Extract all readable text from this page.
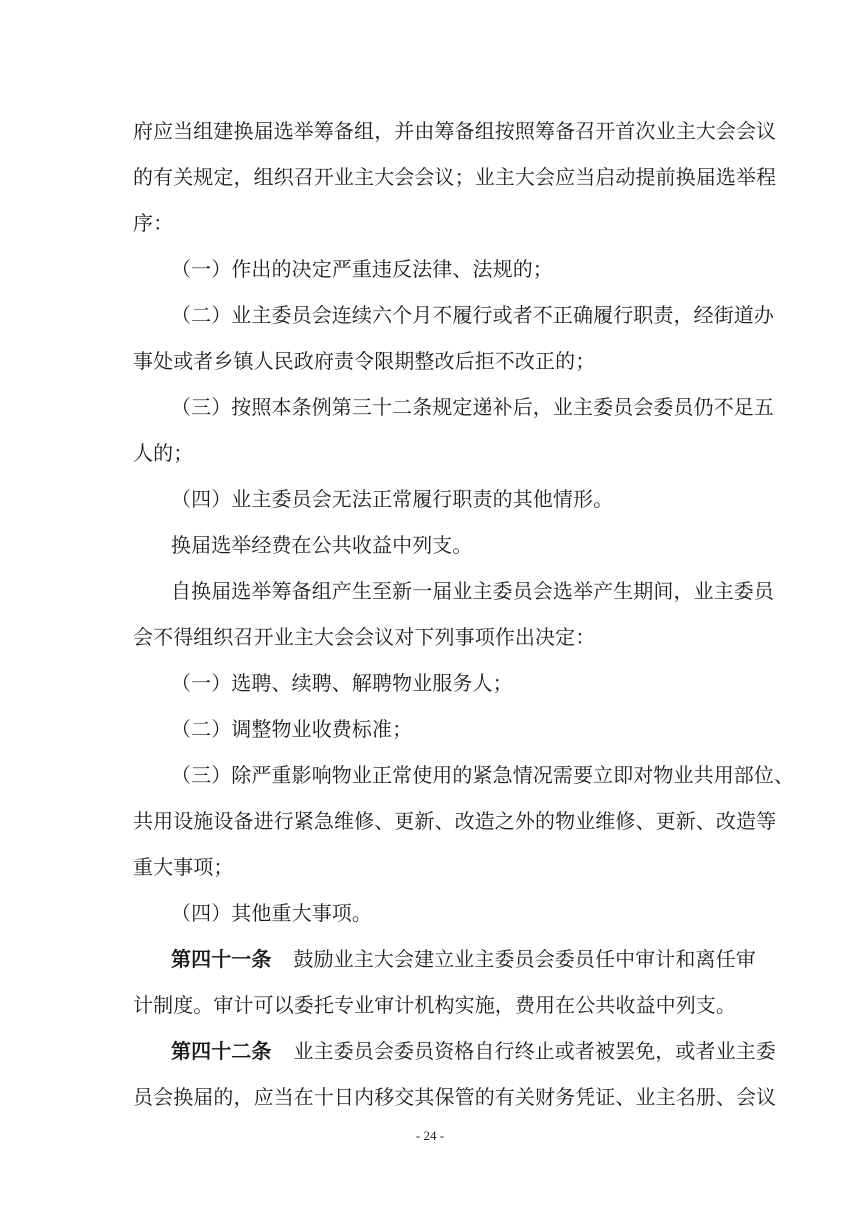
府应当组建换届选举筹备组，并由筹备组按照筹备召开首次业主大会会议
的有关规定，组织召开业主大会会议；业主大会应当启动提前换届选举程
序：
（一）作出的决定严重违反法律、法规的；
（二）业主委员会连续六个月不履行或者不正确履行职责，经街道办
事处或者乡镇人民政府责令限期整改后拒不改正的；
（三）按照本条例第三十二条规定递补后，业主委员会委员仍不足五
人的；
（四）业主委员会无法正常履行职责的其他情形。
换届选举经费在公共收益中列支。
自换届选举筹备组产生至新一届业主委员会选举产生期间，业主委员
会不得组织召开业主大会会议对下列事项作出决定：
（一）选聘、续聘、解聘物业服务人；
（二）调整物业收费标准；
（三）除严重影响物业正常使用的紧急情况需要立即对物业共用部位、
共用设施设备进行紧急维修、更新、改造之外的物业维修、更新、改造等
重大事项；
（四）其他重大事项。
第四十一条 鼓励业主大会建立业主委员会委员任中审计和离任审
计制度。审计可以委托专业审计机构实施，费用在公共收益中列支。
第四十二条 业主委员会委员资格自行终止或者被罢免，或者业主委
员会换届的，应当在十日内移交其保管的有关财务凭证、业主名册、会议
- 24 -
